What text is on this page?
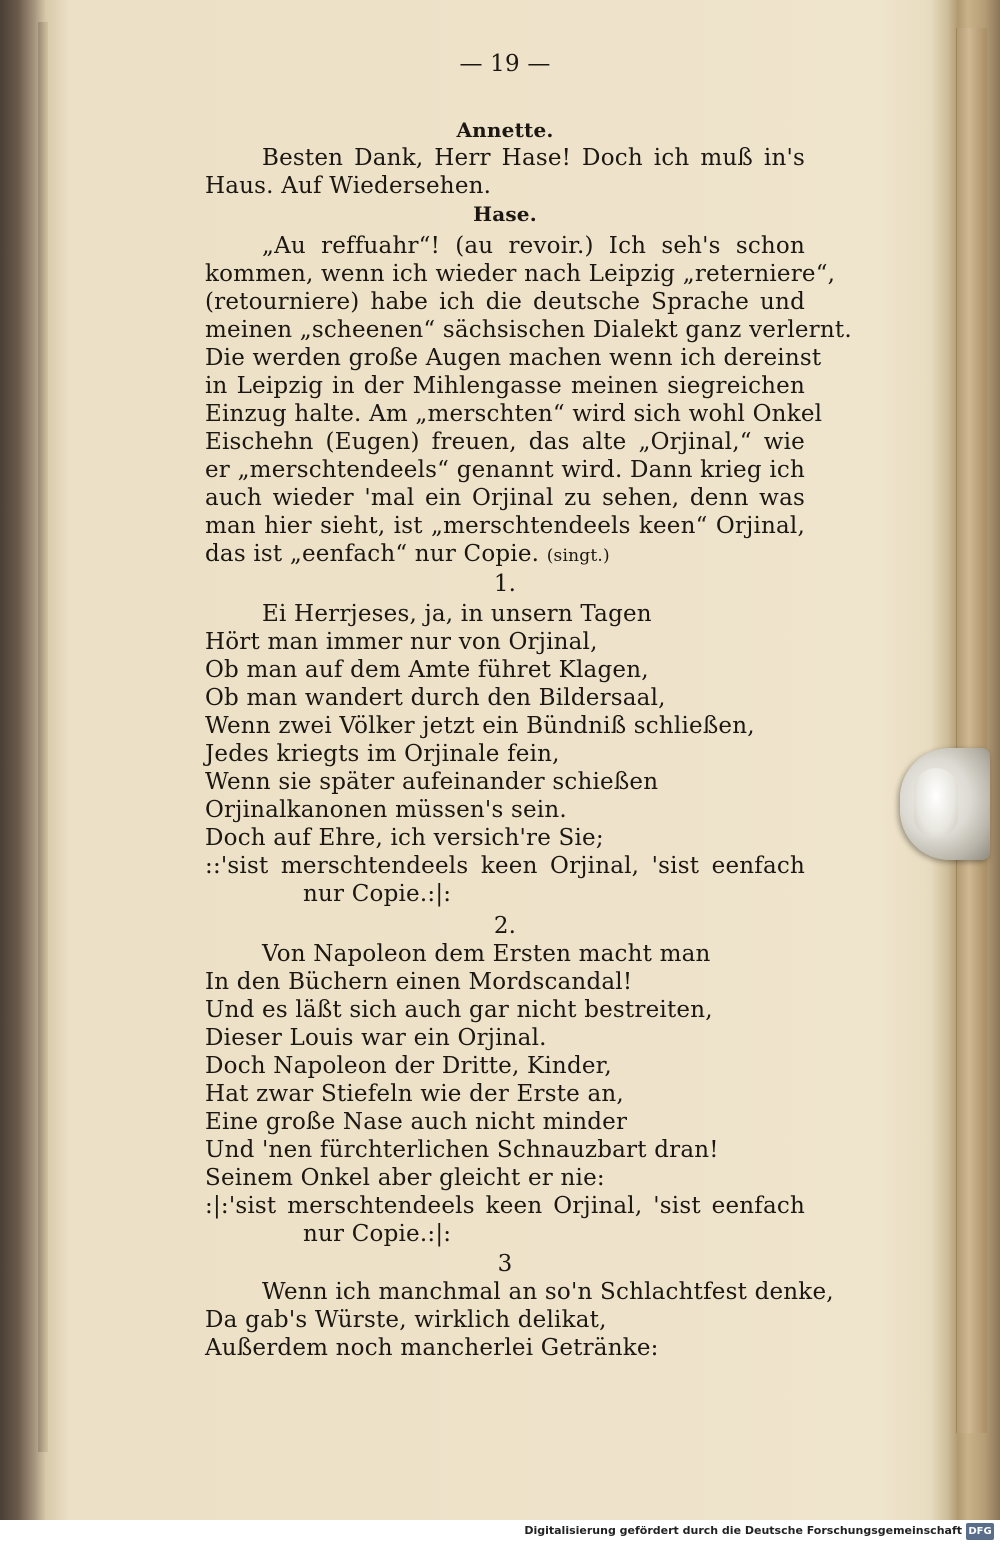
— 19 —
Annette.
Besten Dank, Herr Hase! Doch ich muß in's
Haus. Auf Wiedersehen.
Hase.
„Au reffuahr“! (au revoir.) Ich seh's schon
kommen, wenn ich wieder nach Leipzig „reterniere“,
(retourniere) habe ich die deutsche Sprache und
meinen „scheenen“ sächsischen Dialekt ganz verlernt.
Die werden große Augen machen wenn ich dereinst
in Leipzig in der Mihlengasse meinen siegreichen
Einzug halte. Am „merschten“ wird sich wohl Onkel
Eischehn (Eugen) freuen, das alte „Orjinal,“ wie
er „merschtendeels“ genannt wird. Dann krieg ich
auch wieder 'mal ein Orjinal zu sehen, denn was
man hier sieht, ist „merschtendeels keen“ Orjinal,
das ist „eenfach“ nur Copie. (singt.)
1.
Ei Herrjeses, ja, in unsern Tagen
Hört man immer nur von Orjinal,
Ob man auf dem Amte führet Klagen,
Ob man wandert durch den Bildersaal,
Wenn zwei Völker jetzt ein Bündniß schließen,
Jedes kriegts im Orjinale fein,
Wenn sie später aufeinander schießen
Orjinalkanonen müssen's sein.
Doch auf Ehre, ich versich're Sie;
::'sist merschtendeels keen Orjinal, 'sist eenfach
nur Copie.:|:
2.
Von Napoleon dem Ersten macht man
In den Büchern einen Mordscandal!
Und es läßt sich auch gar nicht bestreiten,
Dieser Louis war ein Orjinal.
Doch Napoleon der Dritte, Kinder,
Hat zwar Stiefeln wie der Erste an,
Eine große Nase auch nicht minder
Und 'nen fürchterlichen Schnauzbart dran!
Seinem Onkel aber gleicht er nie:
:|:'sist merschtendeels keen Orjinal, 'sist eenfach
nur Copie.:|:
3
Wenn ich manchmal an so'n Schlachtfest denke,
Da gab's Würste, wirklich delikat,
Außerdem noch mancherlei Getränke:
Digitalisierung gefördert durch die Deutsche Forschungsgemeinschaft DFG
